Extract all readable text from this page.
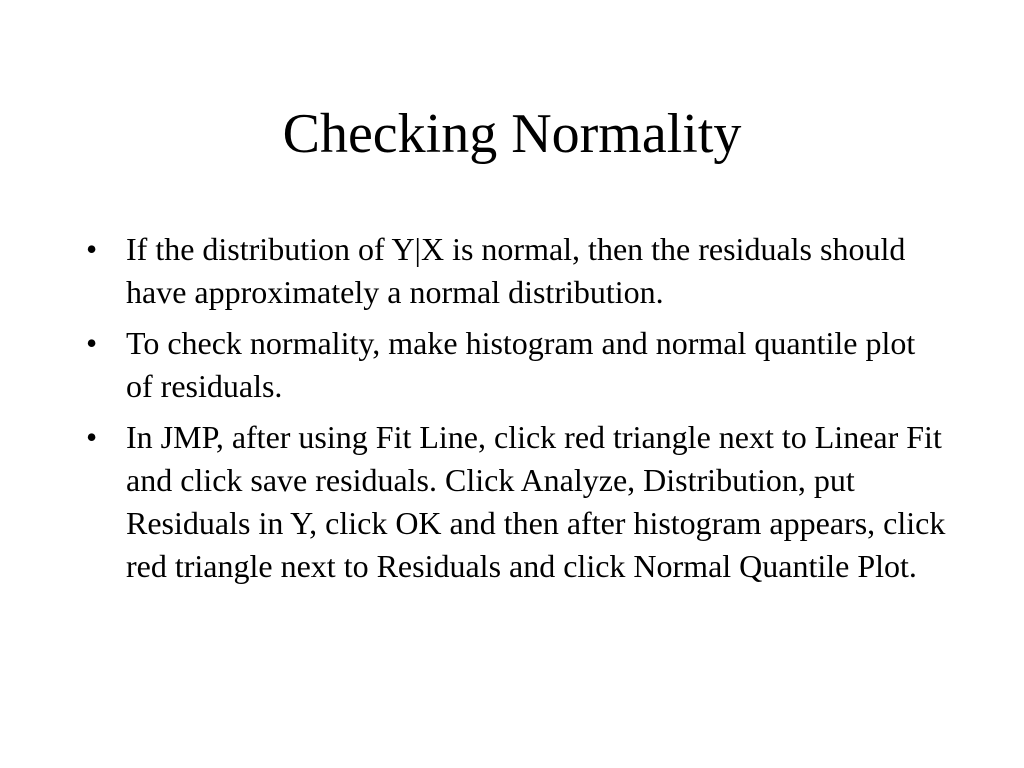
Checking Normality
• If the distribution of Y|X is normal, then the residuals should have approximately a normal distribution.
• To check normality, make histogram and normal quantile plot of residuals.
• In JMP, after using Fit Line, click red triangle next to Linear Fit and click save residuals. Click Analyze, Distribution, put Residuals in Y, click OK and then after histogram appears, click red triangle next to Residuals and click Normal Quantile Plot.
